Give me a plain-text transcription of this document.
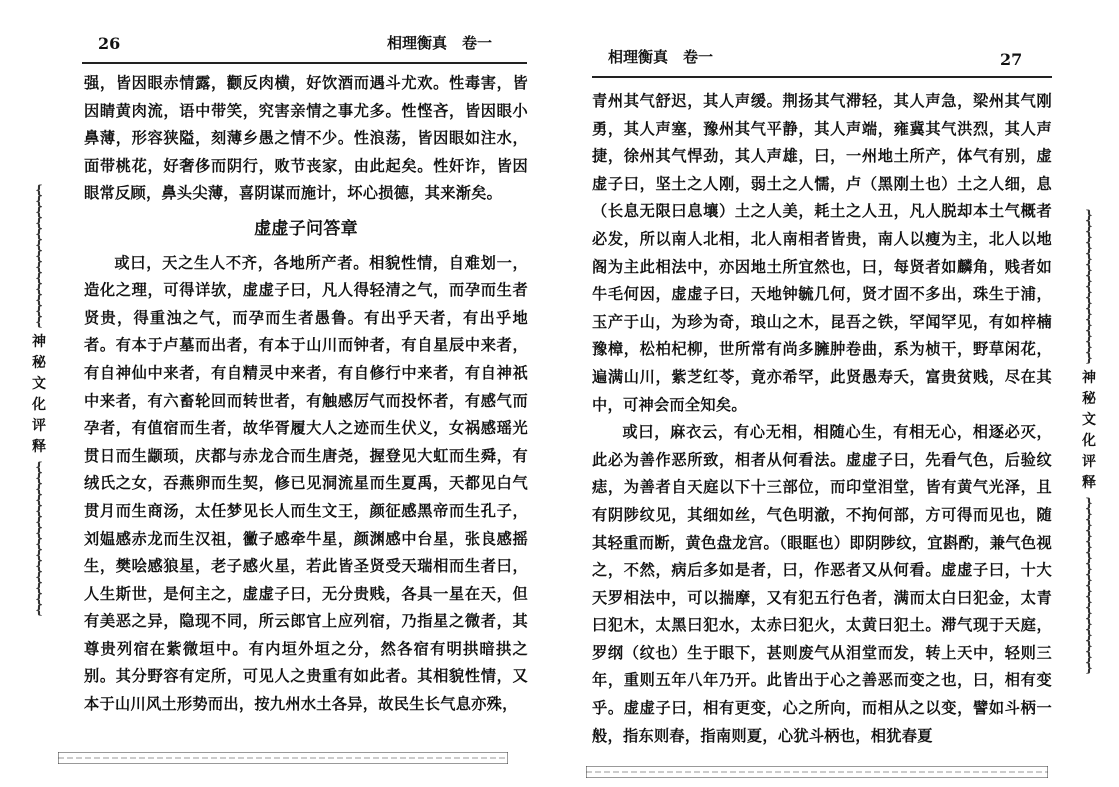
26	相理衡真　卷一

强，皆因眼赤情露，颧反肉横，好饮酒而遇斗尤欢。性毒害，皆因睛黄肉流，语中带笑，究害亲情之事尤多。性悭吝，皆因眼小鼻薄，形容狭隘，刻薄乡愚之情不少。性浪荡，皆因眼如注水，面带桃花，好奢侈而阴行，败节丧家，由此起矣。性奸诈，皆因眼常反顾，鼻头尖薄，喜阴谋而施计，坏心损德，其来渐矣。

虚虚子问答章

或曰，天之生人不齐，各地所产者。相貌性情，自难划一，造化之理，可得详欤，虚虚子曰，凡人得轻清之气，而孕而生者贤贵，得重浊之气，而孕而生者愚鲁。有出乎天者，有出乎地者。有本于卢墓而出者，有本于山川而钟者，有自星辰中来者，有自神仙中来者，有自精灵中来者，有自修行中来者，有自神祇中来者，有六畜轮回而转世者，有触感厉气而投怀者，有感气而孕者，有值宿而生者，故华胥履大人之迹而生伏义，女祸感瑶光贯日而生颛顼，庆都与赤龙合而生唐尧，握登见大虹而生舜，有绒氏之女，吞燕卵而生契，修已见洞流星而生夏禹，天都见白气贯月而生商汤，太任梦见长人而生文王，颜征感黑帝而生孔子，刘媪感赤龙而生汉祖，黴子感牵牛星，颜渊感中台星，张良感摇生，樊哙感狼星，老子感火星，若此皆圣贤受天瑞相而生者曰，人生斯世，是何主之，虚虚子曰，无分贵贱，各具一星在天，但有美恶之异，隐现不同，所云郎官上应列宿，乃指星之微者，其尊贵列宿在紫微垣中。有内垣外垣之分，然各宿有明拱暗拱之别。其分野容有定所，可见人之贵重有如此者。其相貌性情，又本于山川风土形势而出，按九州水土各异，故民生长气息亦殊，

{
{
{
{
{
{
{
{
{
{
{
{
{
神
秘
文
化
评
释
{
{
{
{
{
{
{
{
{
{
{
{
{
{
相理衡真　卷一	27

青州其气舒迟，其人声缓。荆扬其气滞轻，其人声急，梁州其气刚勇，其人声塞，豫州其气平静，其人声端，雍冀其气洪烈，其人声捷，徐州其气悍劲，其人声雄，曰，一州地土所产，体气有别，虚虚子曰，坚土之人刚，弱土之人懦，卢（黑刚土也）土之人细，息（长息无限曰息壤）土之人美，耗土之人丑，凡人脱却本土气概者必发，所以南人北相，北人南相者皆贵，南人以瘦为主，北人以地阁为主此相法中，亦因地土所宜然也，曰，每贤者如麟角，贱者如牛毛何因，虚虚子曰，天地钟毓几何，贤才固不多出，珠生于浦，玉产于山，为珍为奇，琅山之木，昆吾之铁，罕闻罕见，有如梓楠豫樟，松柏杞柳，世所常有尚多臃肿卷曲，系为桢干，野草闲花，遍满山川，紫芝红苓，竟亦希罕，此贤愚寿夭，富贵贫贱，尽在其中，可神会而全知矣。

或曰，麻衣云，有心无相，相随心生，有相无心，相逐必灭，此必为善作恶所致，相者从何看法。虚虚子曰，先看气色，后验纹痣，为善者自天庭以下十三部位，而印堂泪堂，皆有黄气光泽，且有阴陟纹见，其细如丝，气色明澈，不拘何部，方可得而见也，随其轻重而断，黄色盘龙宫。（眼眶也）即阴陟纹，宜斟酌，兼气色视之，不然，病后多如是者，曰，作恶者又从何看。虚虚子曰，十大天罗相法中，可以揣摩，又有犯五行色者，满而太白曰犯金，太青曰犯木，太黑曰犯水，太赤曰犯火，太黄曰犯土。滞气现于天庭，罗纲（纹也）生于眼下，甚则废气从泪堂而发，转上天中，轻则三年，重则五年八年乃开。此皆出于心之善恶而变之也，曰，相有变乎。虚虚子曰，相有更变，心之所向，而相从之以变，譬如斗柄一般，指东则春，指南则夏，心犹斗柄也，相犹春夏

}
}
}
}
}
}
}
}
}
}
}
}
}
}
神
秘
文
化
评
释
}
}
}
}
}
}
}
}
}
}
}
}
}
}
}
}
